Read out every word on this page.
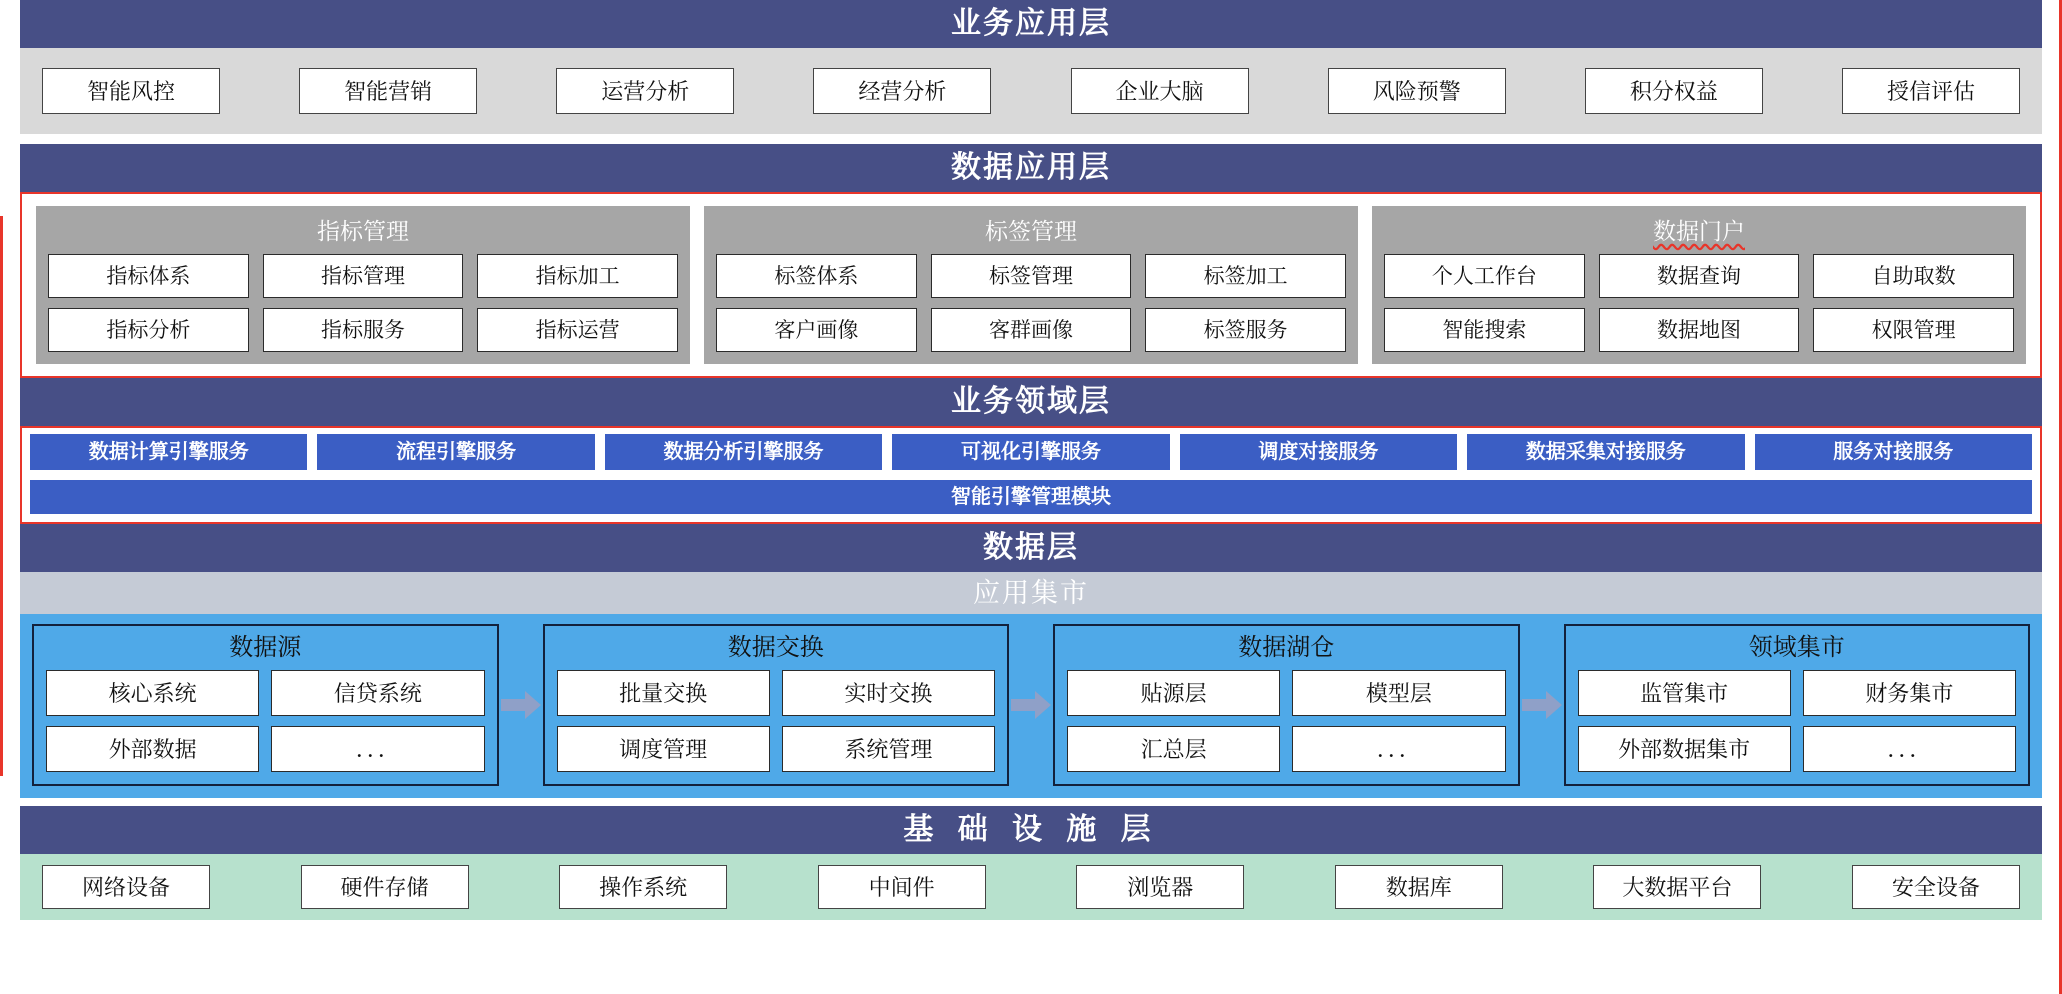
业务应用层
智能风控	智能营销	运营分析	经营分析	企业大脑	风险预警	积分权益	授信评估
数据应用层
指标管理
指标体系	指标管理	指标加工
指标分析	指标服务	指标运营
标签管理
标签体系	标签管理	标签加工
客户画像	客群画像	标签服务
数据门户
个人工作台	数据查询	自助取数
智能搜索	数据地图	权限管理
业务领域层
数据计算引擎服务	流程引擎服务	数据分析引擎服务	可视化引擎服务	调度对接服务	数据采集对接服务	服务对接服务
智能引擎管理模块
数据层
应用集市
数据源
核心系统	信贷系统
外部数据	．．．
数据交换
批量交换	实时交换
调度管理	系统管理
数据湖仓
贴源层	模型层
汇总层	．．．
领域集市
监管集市	财务集市
外部数据集市	．．．
基 础 设 施 层
网络设备	硬件存储	操作系统	中间件	浏览器	数据库	大数据平台	安全设备
